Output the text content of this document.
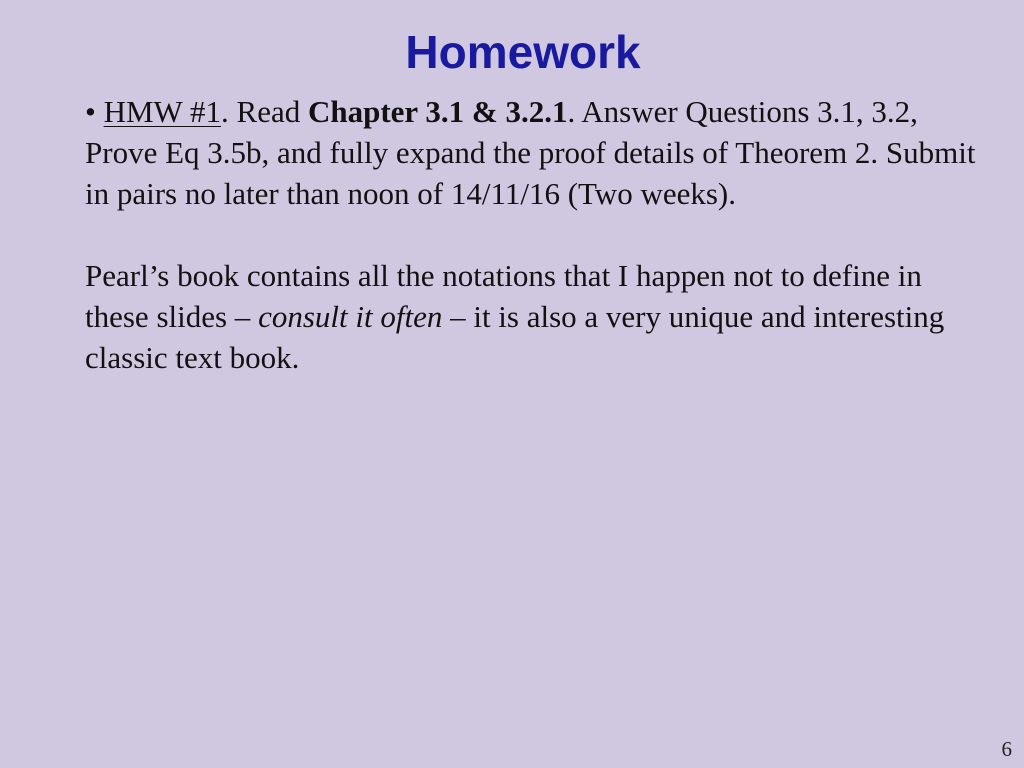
Homework

• HMW #1. Read Chapter 3.1 & 3.2.1. Answer Questions 3.1, 3.2, Prove Eq 3.5b, and fully expand the proof details of Theorem 2. Submit in pairs no later than noon of 14/11/16 (Two weeks).

Pearl’s book contains all the notations that I happen not to define in these slides – consult it often – it is also a very unique and interesting classic text book.

6
